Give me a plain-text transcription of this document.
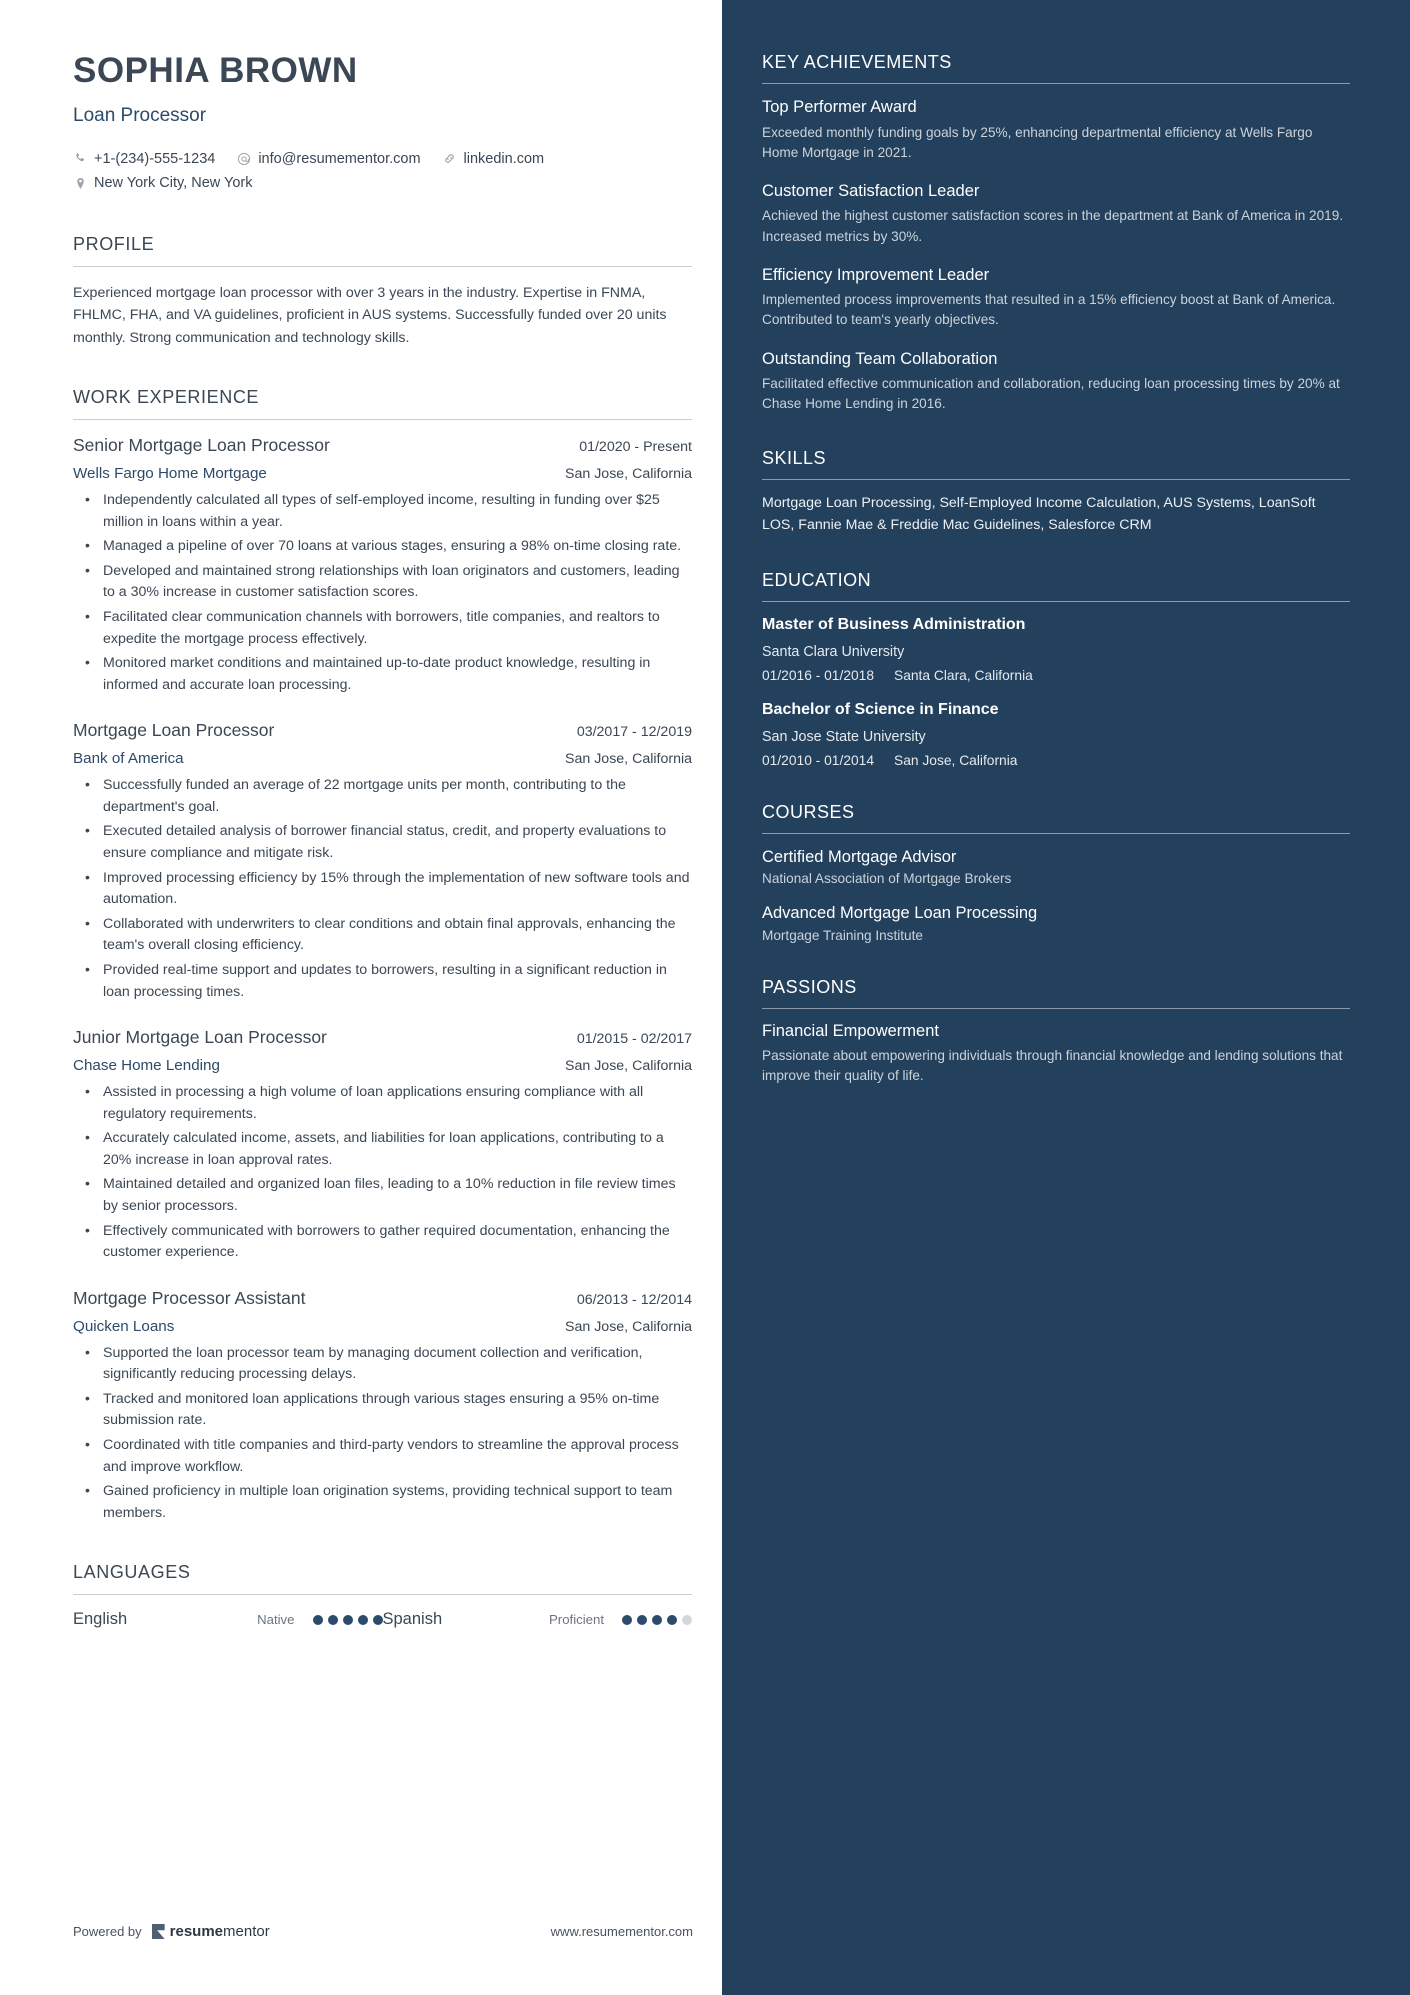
SOPHIA BROWN
Loan Processor
+1-(234)-555-1234	info@resumementor.com	linkedin.com
New York City, New York
PROFILE
Experienced mortgage loan processor with over 3 years in the industry. Expertise in FNMA, FHLMC, FHA, and VA guidelines, proficient in AUS systems. Successfully funded over 20 units monthly. Strong communication and technology skills.
WORK EXPERIENCE
Senior Mortgage Loan Processor	01/2020 - Present
Wells Fargo Home Mortgage	San Jose, California
• Independently calculated all types of self-employed income, resulting in funding over $25 million in loans within a year.
• Managed a pipeline of over 70 loans at various stages, ensuring a 98% on-time closing rate.
• Developed and maintained strong relationships with loan originators and customers, leading to a 30% increase in customer satisfaction scores.
• Facilitated clear communication channels with borrowers, title companies, and realtors to expedite the mortgage process effectively.
• Monitored market conditions and maintained up-to-date product knowledge, resulting in informed and accurate loan processing.
Mortgage Loan Processor	03/2017 - 12/2019
Bank of America	San Jose, California
• Successfully funded an average of 22 mortgage units per month, contributing to the department's goal.
• Executed detailed analysis of borrower financial status, credit, and property evaluations to ensure compliance and mitigate risk.
• Improved processing efficiency by 15% through the implementation of new software tools and automation.
• Collaborated with underwriters to clear conditions and obtain final approvals, enhancing the team's overall closing efficiency.
• Provided real-time support and updates to borrowers, resulting in a significant reduction in loan processing times.
Junior Mortgage Loan Processor	01/2015 - 02/2017
Chase Home Lending	San Jose, California
• Assisted in processing a high volume of loan applications ensuring compliance with all regulatory requirements.
• Accurately calculated income, assets, and liabilities for loan applications, contributing to a 20% increase in loan approval rates.
• Maintained detailed and organized loan files, leading to a 10% reduction in file review times by senior processors.
• Effectively communicated with borrowers to gather required documentation, enhancing the customer experience.
Mortgage Processor Assistant	06/2013 - 12/2014
Quicken Loans	San Jose, California
• Supported the loan processor team by managing document collection and verification, significantly reducing processing delays.
• Tracked and monitored loan applications through various stages ensuring a 95% on-time submission rate.
• Coordinated with title companies and third-party vendors to streamline the approval process and improve workflow.
• Gained proficiency in multiple loan origination systems, providing technical support to team members.
LANGUAGES
English	Native	Spanish	Proficient
Powered by resumementor	www.resumementor.com
KEY ACHIEVEMENTS
Top Performer Award
Exceeded monthly funding goals by 25%, enhancing departmental efficiency at Wells Fargo Home Mortgage in 2021.
Customer Satisfaction Leader
Achieved the highest customer satisfaction scores in the department at Bank of America in 2019. Increased metrics by 30%.
Efficiency Improvement Leader
Implemented process improvements that resulted in a 15% efficiency boost at Bank of America. Contributed to team's yearly objectives.
Outstanding Team Collaboration
Facilitated effective communication and collaboration, reducing loan processing times by 20% at Chase Home Lending in 2016.
SKILLS
Mortgage Loan Processing, Self-Employed Income Calculation, AUS Systems, LoanSoft LOS, Fannie Mae & Freddie Mac Guidelines, Salesforce CRM
EDUCATION
Master of Business Administration
Santa Clara University
01/2016 - 01/2018	Santa Clara, California
Bachelor of Science in Finance
San Jose State University
01/2010 - 01/2014	San Jose, California
COURSES
Certified Mortgage Advisor
National Association of Mortgage Brokers
Advanced Mortgage Loan Processing
Mortgage Training Institute
PASSIONS
Financial Empowerment
Passionate about empowering individuals through financial knowledge and lending solutions that improve their quality of life.
